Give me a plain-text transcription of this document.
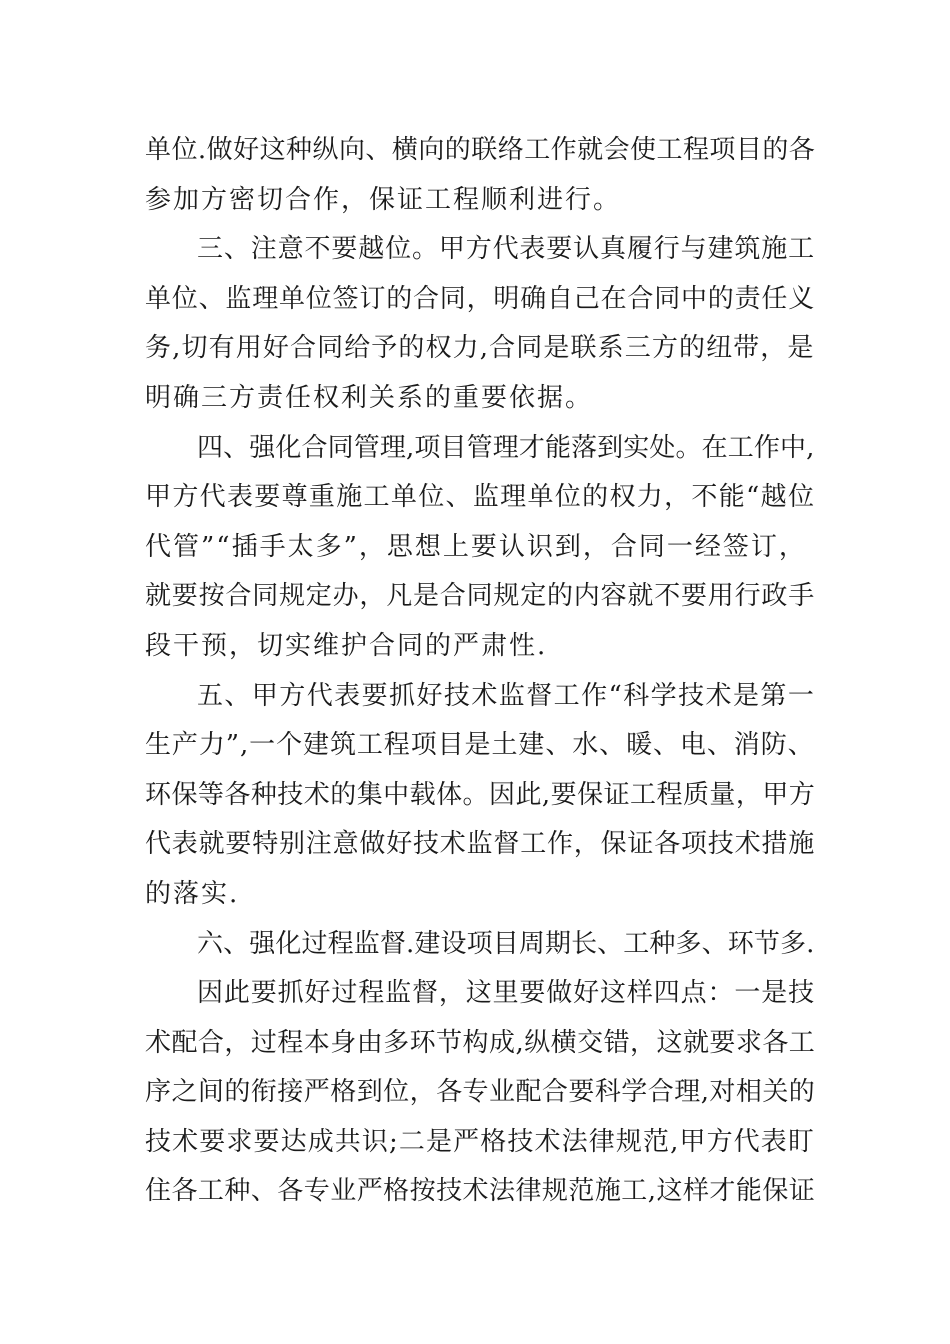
单位.做好这种纵向、横向的联络工作就会使工程项目的各
参加方密切合作，保证工程顺利进行。
三、注意不要越位。甲方代表要认真履行与建筑施工
单位、监理单位签订的合同，明确自己在合同中的责任义
务,切有用好合同给予的权力,合同是联系三方的纽带，是
明确三方责任权利关系的重要依据。
四、强化合同管理,项目管理才能落到实处。在工作中,
甲方代表要尊重施工单位、监理单位的权力，不能“越位
代管”“插手太多”，思想上要认识到，合同一经签订，
就要按合同规定办，凡是合同规定的内容就不要用行政手
段干预，切实维护合同的严肃性.
五、甲方代表要抓好技术监督工作“科学技术是第一
生产力”,一个建筑工程项目是土建、水、暖、电、消防、
环保等各种技术的集中载体。因此,要保证工程质量，甲方
代表就要特别注意做好技术监督工作，保证各项技术措施
的落实.
六、强化过程监督.建设项目周期长、工种多、环节多.
因此要抓好过程监督，这里要做好这样四点：一是技
术配合，过程本身由多环节构成,纵横交错，这就要求各工
序之间的衔接严格到位，各专业配合要科学合理,对相关的
技术要求要达成共识;二是严格技术法律规范,甲方代表盯
住各工种、各专业严格按技术法律规范施工,这样才能保证
